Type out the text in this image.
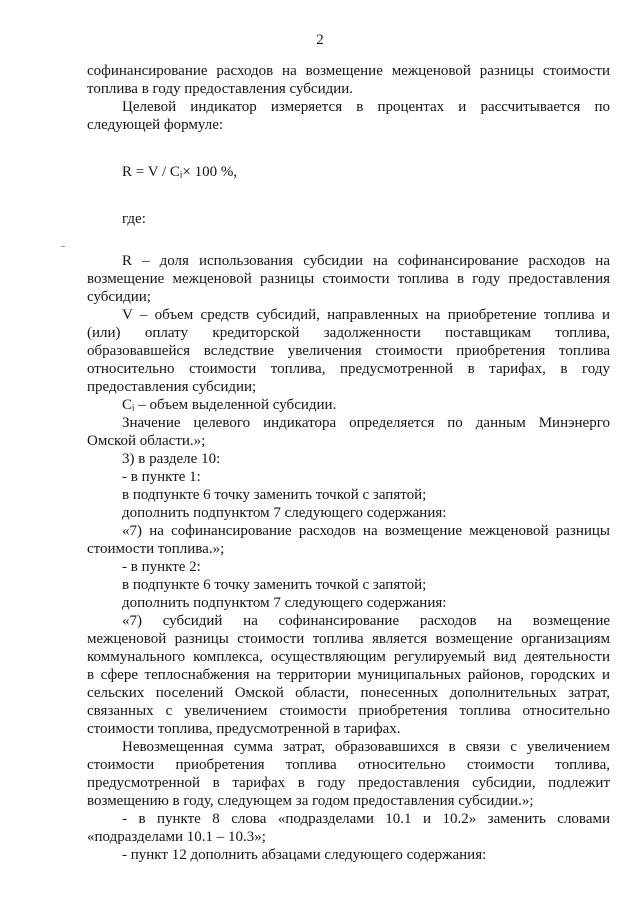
2
софинансирование расходов на возмещение межценовой разницы стоимости
топлива в году предоставления субсидии.
Целевой индикатор измеряется в процентах и рассчитывается по
следующей формуле:
R = V / Cᵢ× 100 %,
где:
R – доля использования субсидии на софинансирование расходов на
возмещение межценовой разницы стоимости топлива в году предоставления
субсидии;
V – объем средств субсидий, направленных на приобретение топлива и
(или) оплату кредиторской задолженности поставщикам топлива,
образовавшейся вследствие увеличения стоимости приобретения топлива
относительно стоимости топлива, предусмотренной в тарифах, в году
предоставления субсидии;
Cᵢ – объем выделенной субсидии.
Значение целевого индикатора определяется по данным Минэнерго
Омской области.»;
3) в разделе 10:
- в пункте 1:
в подпункте 6 точку заменить точкой с запятой;
дополнить подпунктом 7 следующего содержания:
«7) на софинансирование расходов на возмещение межценовой разницы
стоимости топлива.»;
- в пункте 2:
в подпункте 6 точку заменить точкой с запятой;
дополнить подпунктом 7 следующего содержания:
«7) субсидий на софинансирование расходов на возмещение
межценовой разницы стоимости топлива является возмещение организациям
коммунального комплекса, осуществляющим регулируемый вид деятельности
в сфере теплоснабжения на территории муниципальных районов, городских и
сельских поселений Омской области, понесенных дополнительных затрат,
связанных с увеличением стоимости приобретения топлива относительно
стоимости топлива, предусмотренной в тарифах.
Невозмещенная сумма затрат, образовавшихся в связи с увеличением
стоимости приобретения топлива относительно стоимости топлива,
предусмотренной в тарифах в году предоставления субсидии, подлежит
возмещению в году, следующем за годом предоставления субсидии.»;
- в пункте 8 слова «подразделами 10.1 и 10.2» заменить словами
«подразделами 10.1 – 10.3»;
- пункт 12 дополнить абзацами следующего содержания:
